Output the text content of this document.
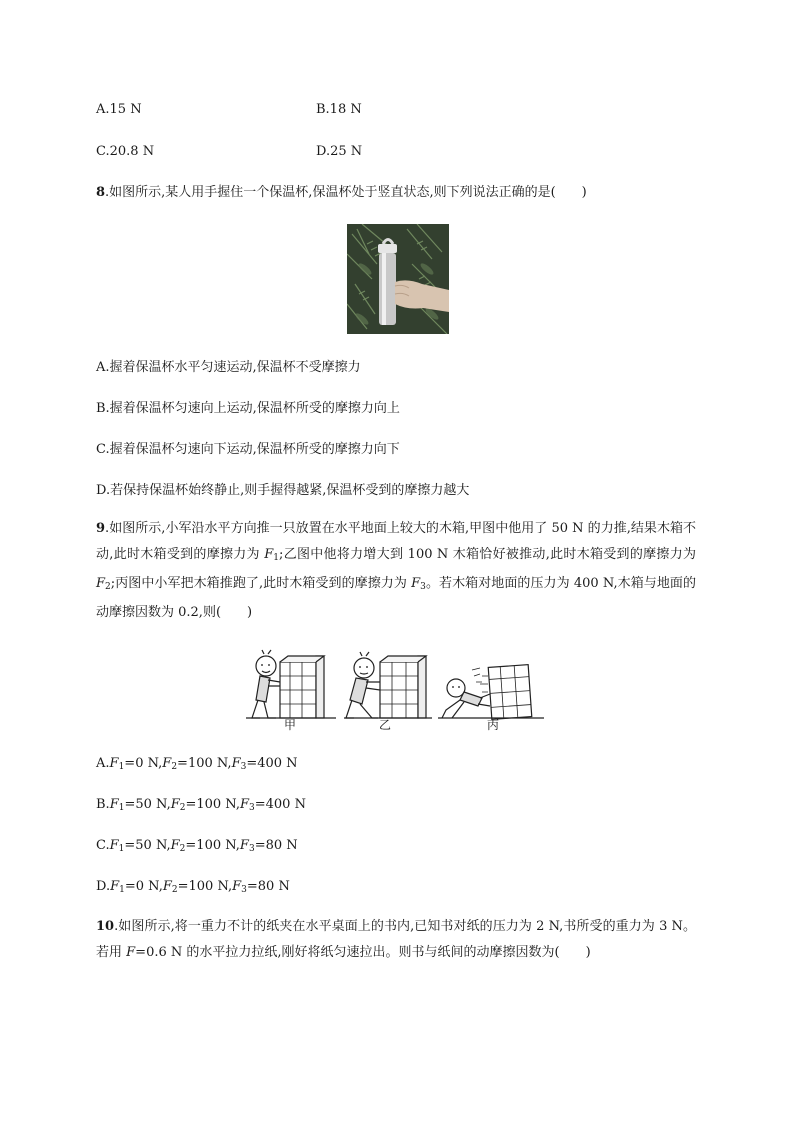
A.15 N	B.18 N
C.20.8 N	D.25 N
8.如图所示,某人用手握住一个保温杯,保温杯处于竖直状态,则下列说法正确的是(　　)
A.握着保温杯水平匀速运动,保温杯不受摩擦力
B.握着保温杯匀速向上运动,保温杯所受的摩擦力向上
C.握着保温杯匀速向下运动,保温杯所受的摩擦力向下
D.若保持保温杯始终静止,则手握得越紧,保温杯受到的摩擦力越大
9.如图所示,小军沿水平方向推一只放置在水平地面上较大的木箱,甲图中他用了 50 N 的力推,结果木箱不动,此时木箱受到的摩擦力为 $F_1$;乙图中他将力增大到 100 N 木箱恰好被推动,此时木箱受到的摩擦力为 $F_2$;丙图中小军把木箱推跑了,此时木箱受到的摩擦力为 $F_3$。若木箱对地面的压力为 400 N,木箱与地面的动摩擦因数为 0.2,则(　　)
甲	乙	丙
$A.F_1=0$ $N,F_2=100$ $N,F_3=400$ N
$B.F_1=50$ $N,F_2=100$ $N,F_3=400$ N
$C.F_1=50$ $N,F_2=100$ $N,F_3=80$ N
$D.F_1=0$ $N,F_2=100$ $N,F_3=80$ N
10.如图所示,将一重力不计的纸夹在水平桌面上的书内,已知书对纸的压力为 2 N,书所受的重力为 3 N。若用 F=0.6 N 的水平拉力拉纸,刚好将纸匀速拉出。则书与纸间的动摩擦因数为(　　)
